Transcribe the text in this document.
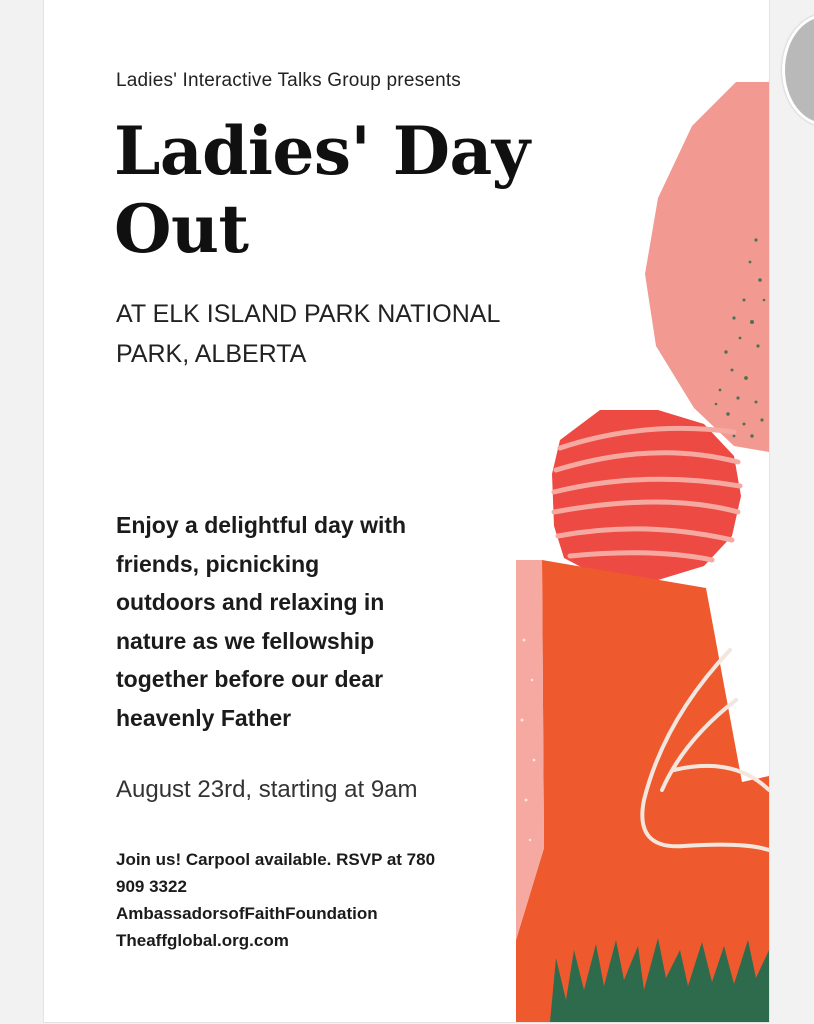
Ladies' Interactive Talks Group presents
Ladies' Day
Out
AT ELK ISLAND PARK NATIONAL
PARK, ALBERTA
Enjoy a delightful day with
friends, picnicking
outdoors and relaxing in
nature as we fellowship
together before our dear
heavenly Father
August 23rd, starting at 9am
Join us! Carpool available. RSVP at 780
909 3322
AmbassadorsofFaithFoundation
Theaffglobal.org.com
